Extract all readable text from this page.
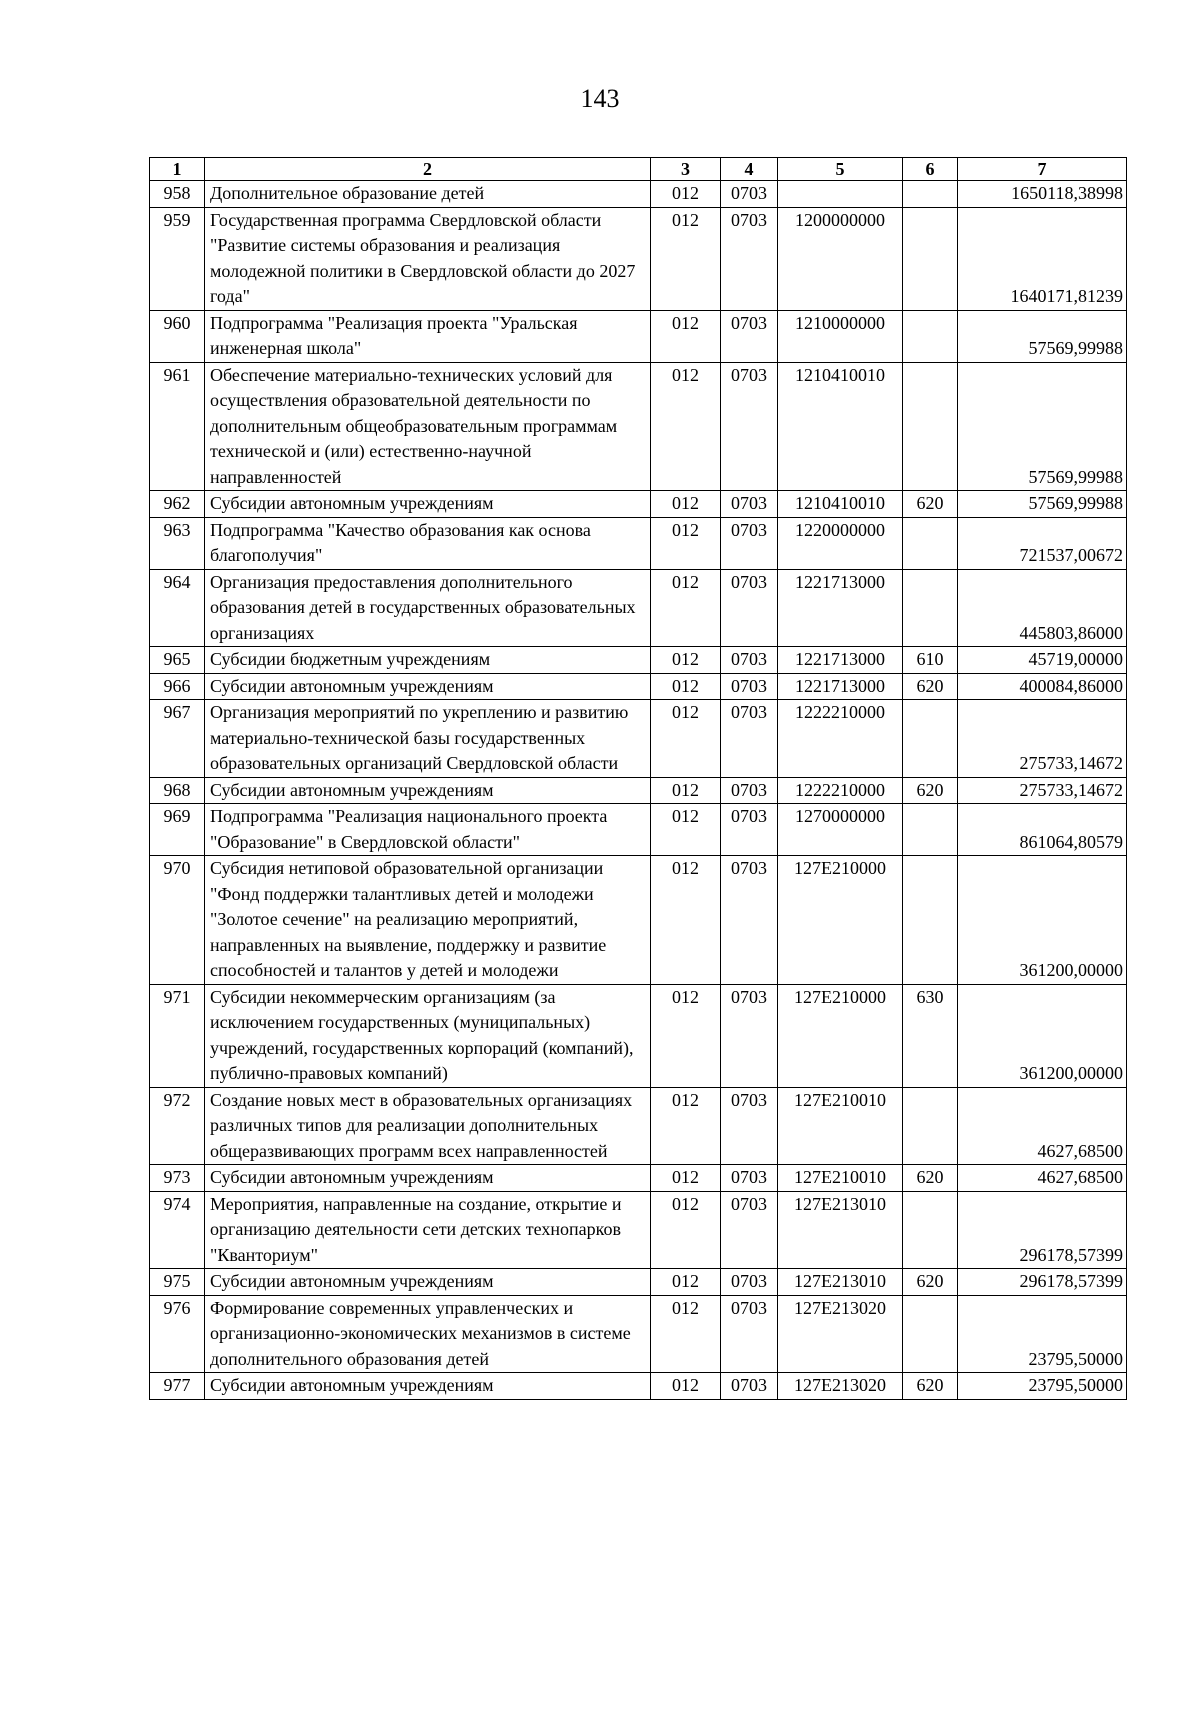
143
1	2	3	4	5	6	7
958	Дополнительное образование детей	012	0703			1650118,38998
959	Государственная программа Свердловской области "Развитие системы образования и реализация молодежной политики в Свердловской области до 2027 года"	012	0703	1200000000		1640171,81239
960	Подпрограмма "Реализация проекта "Уральская инженерная школа"	012	0703	1210000000		57569,99988
961	Обеспечение материально-технических условий для осуществления образовательной деятельности по дополнительным общеобразовательным программам технической и (или) естественно-научной направленностей	012	0703	1210410010		57569,99988
962	Субсидии автономным учреждениям	012	0703	1210410010	620	57569,99988
963	Подпрограмма "Качество образования как основа благополучия"	012	0703	1220000000		721537,00672
964	Организация предоставления дополнительного образования детей в государственных образовательных организациях	012	0703	1221713000		445803,86000
965	Субсидии бюджетным учреждениям	012	0703	1221713000	610	45719,00000
966	Субсидии автономным учреждениям	012	0703	1221713000	620	400084,86000
967	Организация мероприятий по укреплению и развитию материально-технической базы государственных образовательных организаций Свердловской области	012	0703	1222210000		275733,14672
968	Субсидии автономным учреждениям	012	0703	1222210000	620	275733,14672
969	Подпрограмма "Реализация национального проекта "Образование" в Свердловской области"	012	0703	1270000000		861064,80579
970	Субсидия нетиповой образовательной организации "Фонд поддержки талантливых детей и молодежи "Золотое сечение" на реализацию мероприятий, направленных на выявление, поддержку и развитие способностей и талантов у детей и молодежи	012	0703	127Е210000		361200,00000
971	Субсидии некоммерческим организациям (за исключением государственных (муниципальных) учреждений, государственных корпораций (компаний), публично-правовых компаний)	012	0703	127Е210000	630	361200,00000
972	Создание новых мест в образовательных организациях различных типов для реализации дополнительных общеразвивающих программ всех направленностей	012	0703	127Е210010		4627,68500
973	Субсидии автономным учреждениям	012	0703	127Е210010	620	4627,68500
974	Мероприятия, направленные на создание, открытие и организацию деятельности сети детских технопарков "Кванториум"	012	0703	127Е213010		296178,57399
975	Субсидии автономным учреждениям	012	0703	127Е213010	620	296178,57399
976	Формирование современных управленческих и организационно-экономических механизмов в системе дополнительного образования детей	012	0703	127Е213020		23795,50000
977	Субсидии автономным учреждениям	012	0703	127Е213020	620	23795,50000
